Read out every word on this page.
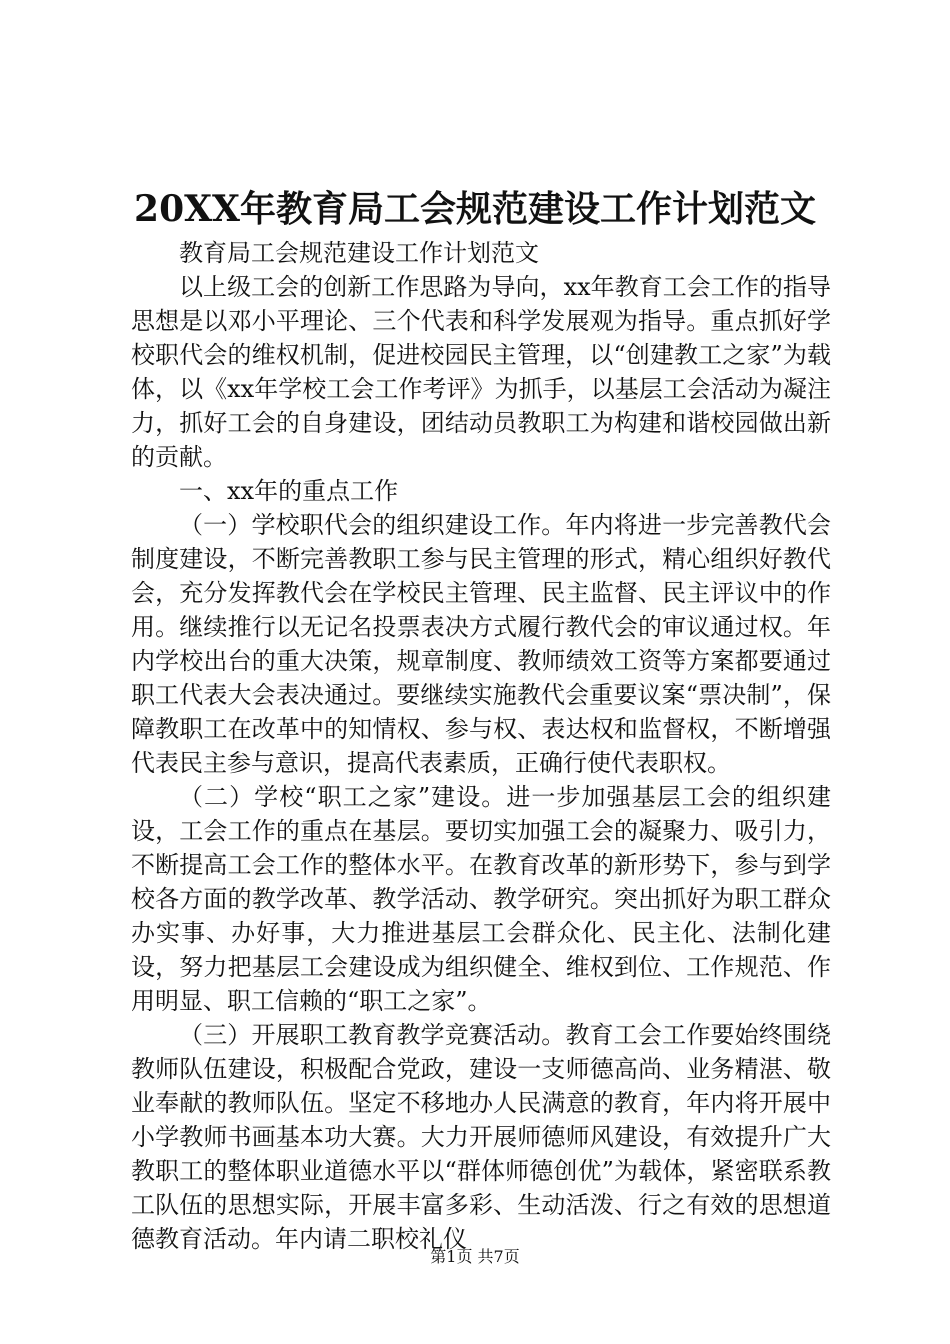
20XX年教育局工会规范建设工作计划范文

教育局工会规范建设工作计划范文

以上级工会的创新工作思路为导向，xx年教育工会工作的指导思想是以邓小平理论、三个代表和科学发展观为指导。重点抓好学校职代会的维权机制，促进校园民主管理，以“创建教工之家”为载体，以《xx年学校工会工作考评》为抓手，以基层工会活动为凝注力，抓好工会的自身建设，团结动员教职工为构建和谐校园做出新的贡献。

一、xx年的重点工作

（一）学校职代会的组织建设工作。年内将进一步完善教代会制度建设，不断完善教职工参与民主管理的形式，精心组织好教代会，充分发挥教代会在学校民主管理、民主监督、民主评议中的作用。继续推行以无记名投票表决方式履行教代会的审议通过权。年内学校出台的重大决策，规章制度、教师绩效工资等方案都要通过职工代表大会表决通过。要继续实施教代会重要议案“票决制”，保障教职工在改革中的知情权、参与权、表达权和监督权，不断增强代表民主参与意识，提高代表素质，正确行使代表职权。

（二）学校“职工之家”建设。进一步加强基层工会的组织建设，工会工作的重点在基层。要切实加强工会的凝聚力、吸引力，不断提高工会工作的整体水平。在教育改革的新形势下，参与到学校各方面的教学改革、教学活动、教学研究。突出抓好为职工群众办实事、办好事，大力推进基层工会群众化、民主化、法制化建设，努力把基层工会建设成为组织健全、维权到位、工作规范、作用明显、职工信赖的“职工之家”。

（三）开展职工教育教学竞赛活动。教育工会工作要始终围绕教师队伍建设，积极配合党政，建设一支师德高尚、业务精湛、敬业奉献的教师队伍。坚定不移地办人民满意的教育，年内将开展中小学教师书画基本功大赛。大力开展师德师风建设，有效提升广大教职工的整体职业道德水平以“群体师德创优”为载体，紧密联系教工队伍的思想实际，开展丰富多彩、生动活泼、行之有效的思想道德教育活动。年内请二职校礼仪

第1页 共7页
